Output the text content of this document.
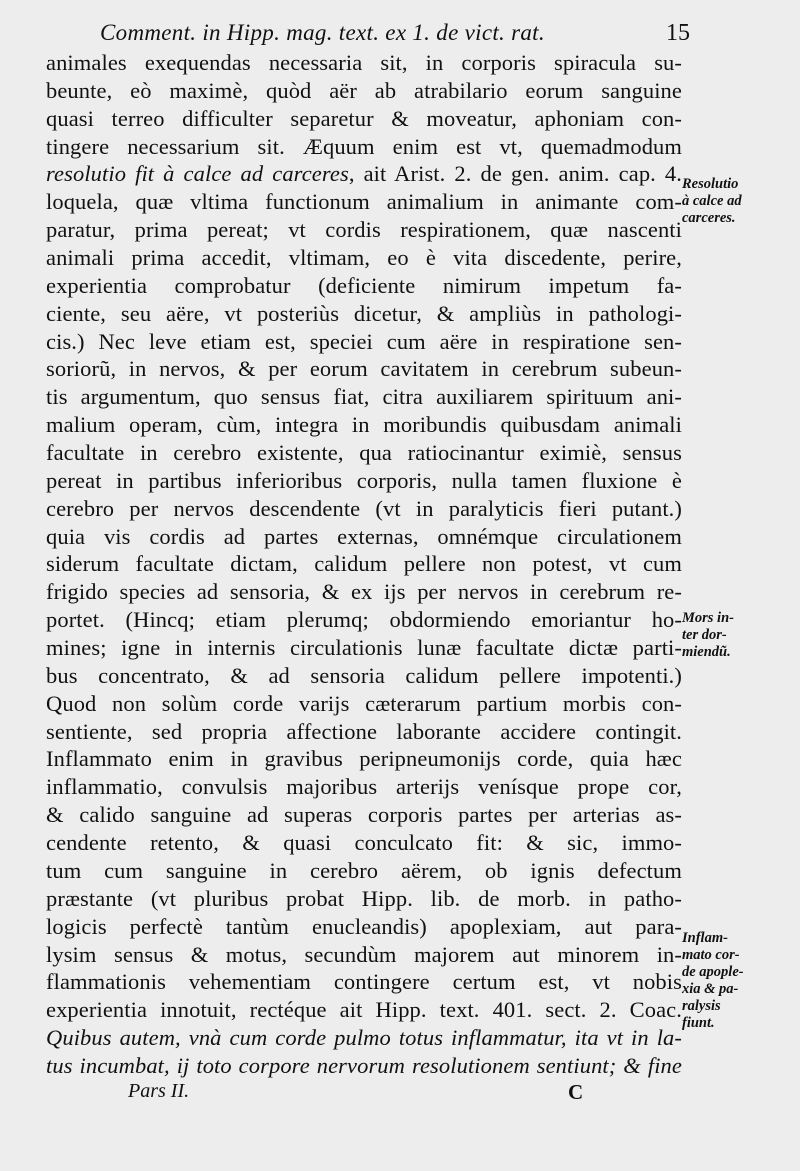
Comment. in Hipp. mag. text. ex 1. de vict. rat.	15
animales exequendas necessaria sit, in corporis spiracula su-
beunte, eò maximè, quòd aër ab atrabilario eorum sanguine
quasi terreo difficulter separetur & moveatur, aphoniam con-
tingere necessarium sit. Æquum enim est vt, quemadmodum
resolutio fit à calce ad carceres, ait Arist. 2. de gen. anim. cap. 4.
loquela, quæ vltima functionum animalium in animante com-
paratur, prima pereat; vt cordis respirationem, quæ nascenti
animali prima accedit, vltimam, eo è vita discedente, perire,
experientia comprobatur (deficiente nimirum impetum fa-
ciente, seu aëre, vt posteriùs dicetur, & ampliùs in pathologi-
cis.) Nec leve etiam est, speciei cum aëre in respiratione sen-
soriorũ, in nervos, & per eorum cavitatem in cerebrum subeun-
tis argumentum, quo sensus fiat, citra auxiliarem spirituum ani-
malium operam, cùm, integra in moribundis quibusdam animali
facultate in cerebro existente, qua ratiocinantur eximiè, sensus
pereat in partibus inferioribus corporis, nulla tamen fluxione è
cerebro per nervos descendente (vt in paralyticis fieri putant.)
quia vis cordis ad partes externas, omnémque circulationem
siderum facultate dictam, calidum pellere non potest, vt cum
frigido species ad sensoria, & ex ijs per nervos in cerebrum re-
portet. (Hincq; etiam plerumq; obdormiendo emoriantur ho-
mines; igne in internis circulationis lunæ facultate dictæ parti-
bus concentrato, & ad sensoria calidum pellere impotenti.)
Quod non solùm corde varijs cæterarum partium morbis con-
sentiente, sed propria affectione laborante accidere contingit.
Inflammato enim in gravibus peripneumonijs corde, quia hæc
inflammatio, convulsis majoribus arterijs venísque prope cor,
& calido sanguine ad superas corporis partes per arterias as-
cendente retento, & quasi conculcato fit: & sic, immo-
tum cum sanguine in cerebro aërem, ob ignis defectum
præstante (vt pluribus probat Hipp. lib. de morb. in patho-
logicis perfectè tantùm enucleandis) apoplexiam, aut para-
lysim sensus & motus, secundùm majorem aut minorem in-
flammationis vehementiam contingere certum est, vt nobis
experientia innotuit, rectéque ait Hipp. text. 401. sect. 2. Coac.
Quibus autem, vnà cum corde pulmo totus inflammatur, ita vt in la-
tus incumbat, ij toto corpore nervorum resolutionem sentiunt; & fine
Resolutio
à calce ad
carceres.
Mors in-
ter dor-
miendũ.
Inflam-
mato cor-
de apople-
xia & pa-
ralysis
fiunt.
Pars II.	C
